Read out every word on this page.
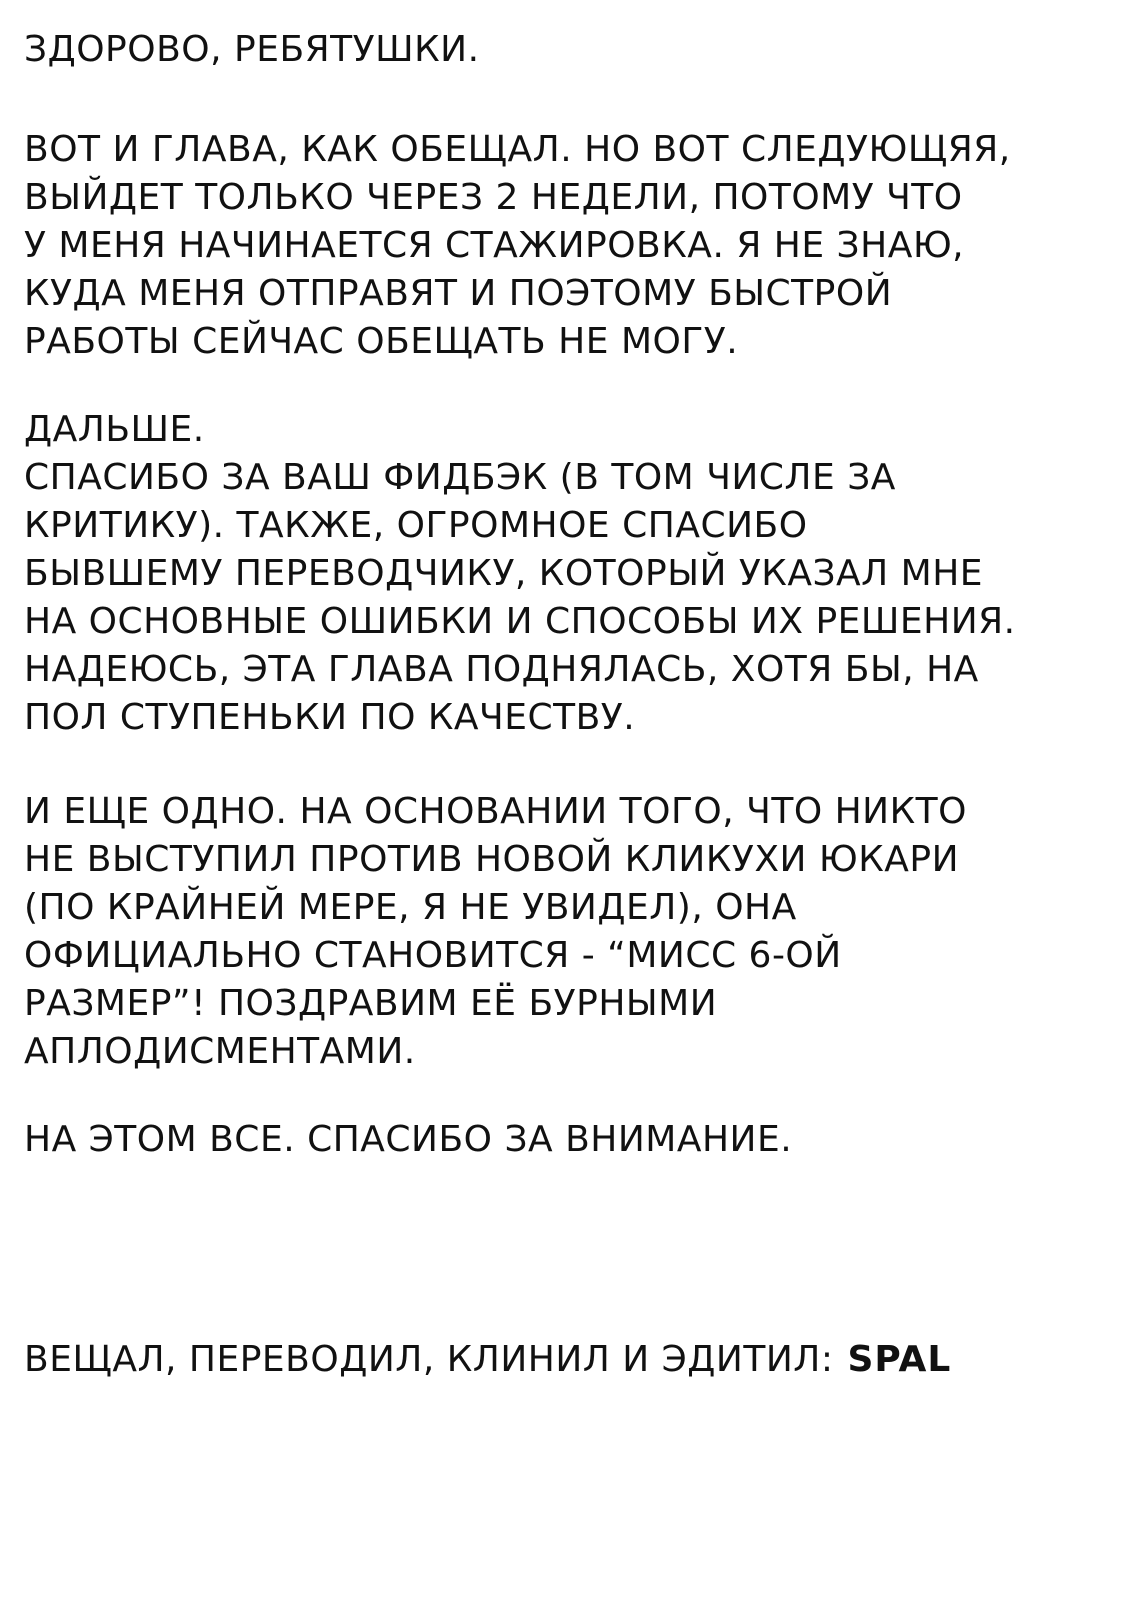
ЗДОРОВО, РЕБЯТУШКИ.
ВОТ И ГЛАВА, КАК ОБЕЩАЛ. НО ВОТ СЛЕДУЮЩЯЯ,
ВЫЙДЕТ ТОЛЬКО ЧЕРЕЗ 2 НЕДЕЛИ, ПОТОМУ ЧТО
У МЕНЯ НАЧИНАЕТСЯ СТАЖИРОВКА. Я НЕ ЗНАЮ,
КУДА МЕНЯ ОТПРАВЯТ И ПОЭТОМУ БЫСТРОЙ
РАБОТЫ СЕЙЧАС ОБЕЩАТЬ НЕ МОГУ.
ДАЛЬШЕ.
СПАСИБО ЗА ВАШ ФИДБЭК (В ТОМ ЧИСЛЕ ЗА
КРИТИКУ). ТАКЖЕ, ОГРОМНОЕ СПАСИБО
БЫВШЕМУ ПЕРЕВОДЧИКУ, КОТОРЫЙ УКАЗАЛ МНЕ
НА ОСНОВНЫЕ ОШИБКИ И СПОСОБЫ ИХ РЕШЕНИЯ.
НАДЕЮСЬ, ЭТА ГЛАВА ПОДНЯЛАСЬ, ХОТЯ БЫ, НА
ПОЛ СТУПЕНЬКИ ПО КАЧЕСТВУ.
И ЕЩЕ ОДНО. НА ОСНОВАНИИ ТОГО, ЧТО НИКТО
НЕ ВЫСТУПИЛ ПРОТИВ НОВОЙ КЛИКУХИ ЮКАРИ
(ПО КРАЙНЕЙ МЕРЕ, Я НЕ УВИДЕЛ), ОНА
ОФИЦИАЛЬНО СТАНОВИТСЯ - “МИСС 6-ОЙ
РАЗМЕР”! ПОЗДРАВИМ ЕЁ БУРНЫМИ
АПЛОДИСМЕНТАМИ.
НА ЭТОМ ВСЕ. СПАСИБО ЗА ВНИМАНИЕ.
ВЕЩАЛ, ПЕРЕВОДИЛ, КЛИНИЛ И ЭДИТИЛ: SPAL
